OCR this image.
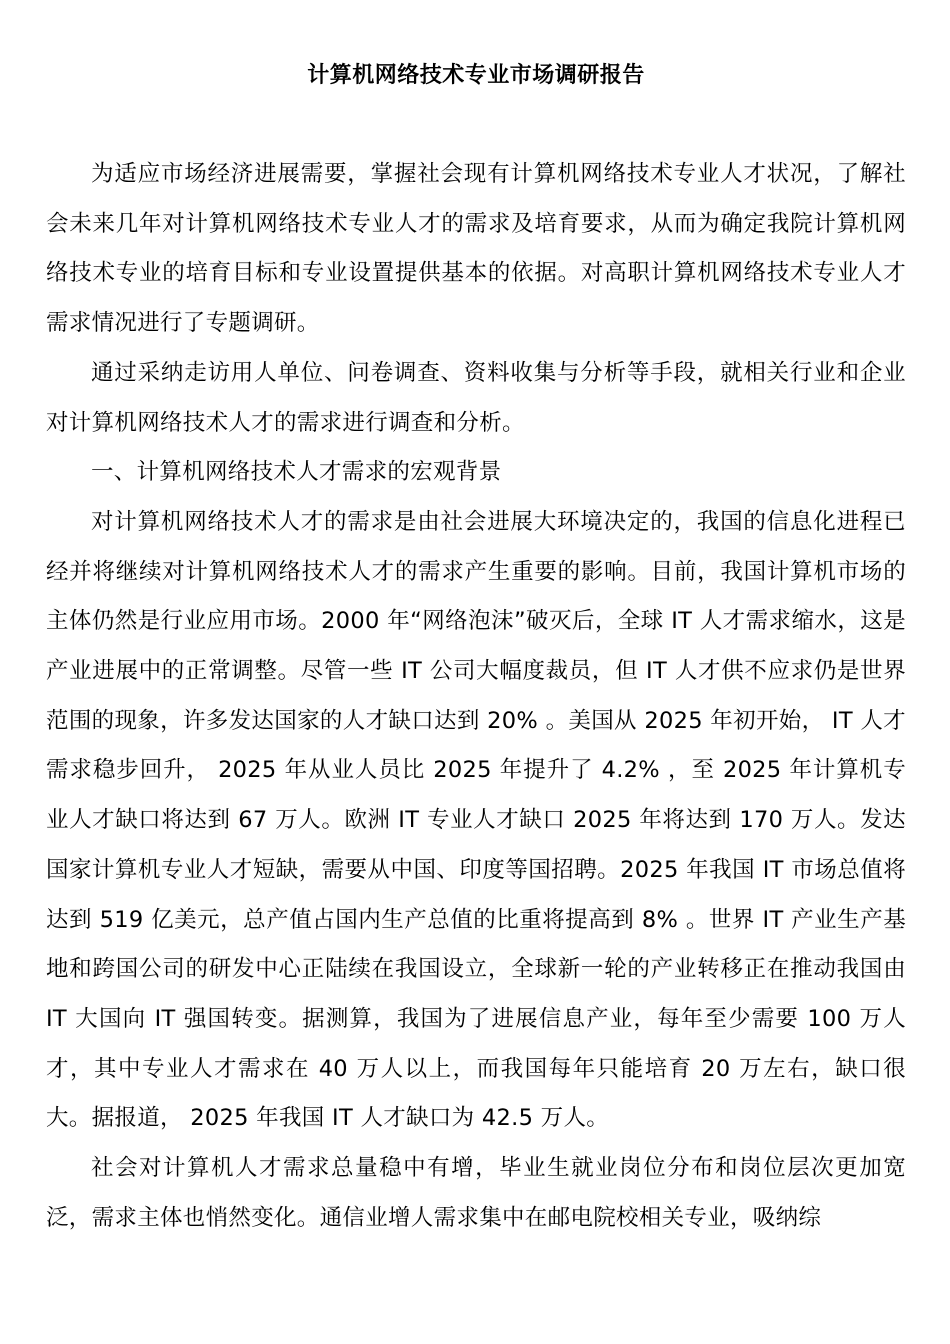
计算机网络技术专业市场调研报告

为适应市场经济进展需要，掌握社会现有计算机网络技术专业人才状况，了解社会未来几年对计算机网络技术专业人才的需求及培育要求，从而为确定我院计算机网络技术专业的培育目标和专业设置提供基本的依据。对高职计算机网络技术专业人才需求情况进行了专题调研。

通过采纳走访用人单位、问卷调查、资料收集与分析等手段，就相关行业和企业对计算机网络技术人才的需求进行调查和分析。

一、计算机网络技术人才需求的宏观背景

对计算机网络技术人才的需求是由社会进展大环境决定的，我国的信息化进程已经并将继续对计算机网络技术人才的需求产生重要的影响。目前，我国计算机市场的主体仍然是行业应用市场。2000 年“网络泡沫”破灭后，全球 IT 人才需求缩水，这是产业进展中的正常调整。尽管一些 IT 公司大幅度裁员，但 IT 人才供不应求仍是世界范围的现象，许多发达国家的人才缺口达到 20% 。美国从 2025 年初开始， IT 人才需求稳步回升， 2025 年从业人员比 2025 年提升了 4.2% ，至 2025 年计算机专业人才缺口将达到 67 万人。欧洲 IT 专业人才缺口 2025 年将达到 170 万人。发达国家计算机专业人才短缺，需要从中国、印度等国招聘。2025 年我国 IT 市场总值将达到 519 亿美元，总产值占国内生产总值的比重将提高到 8% 。世界 IT 产业生产基地和跨国公司的研发中心正陆续在我国设立，全球新一轮的产业转移正在推动我国由 IT 大国向 IT 强国转变。据测算，我国为了进展信息产业，每年至少需要 100 万人才，其中专业人才需求在 40 万人以上，而我国每年只能培育 20 万左右，缺口很大。据报道， 2025 年我国 IT 人才缺口为 42.5 万人。

社会对计算机人才需求总量稳中有增，毕业生就业岗位分布和岗位层次更加宽泛，需求主体也悄然变化。通信业增人需求集中在邮电院校相关专业，吸纳综
